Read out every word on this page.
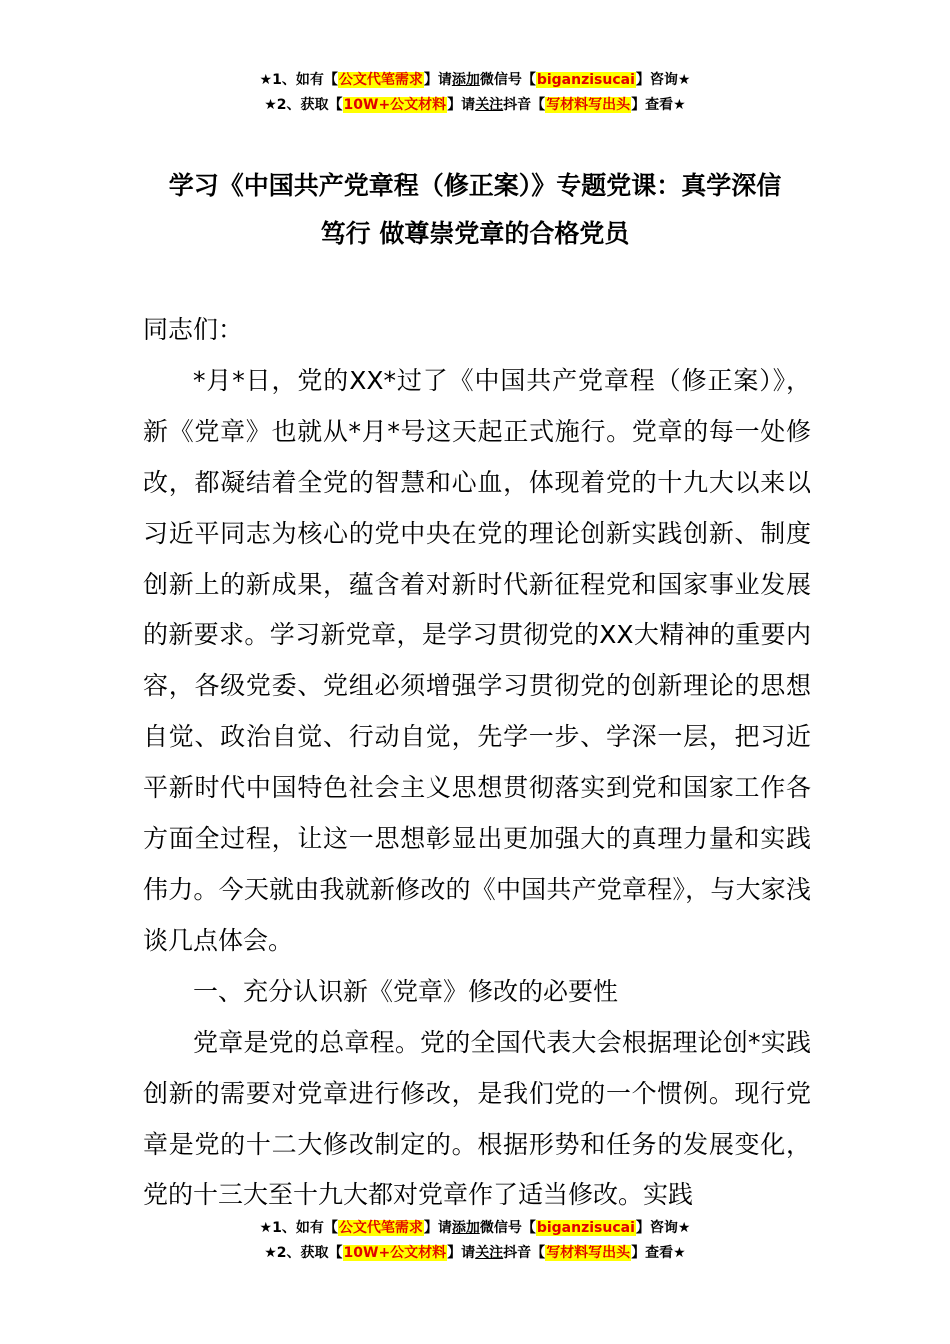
★1、如有【公文代笔需求】请添加微信号【biganzisucai】咨询★
★2、获取【10W+公文材料】请关注抖音【写材料写出头】查看★
学习《中国共产党章程（修正案）》专题党课：真学深信
笃行 做尊崇党章的合格党员

同志们：

*月*日，党的XX*过了《中国共产党章程（修正案）》，新《党章》也就从*月*号这天起正式施行。党章的每一处修改，都凝结着全党的智慧和心血，体现着党的十九大以来以习近平同志为核心的党中央在党的理论创新实践创新、制度创新上的新成果，蕴含着对新时代新征程党和国家事业发展的新要求。学习新党章，是学习贯彻党的XX大精神的重要内容，各级党委、党组必须增强学习贯彻党的创新理论的思想自觉、政治自觉、行动自觉，先学一步、学深一层，把习近平新时代中国特色社会主义思想贯彻落实到党和国家工作各方面全过程，让这一思想彰显出更加强大的真理力量和实践伟力。今天就由我就新修改的《中国共产党章程》，与大家浅谈几点体会。

一、充分认识新《党章》修改的必要性

党章是党的总章程。党的全国代表大会根据理论创*实践创新的需要对党章进行修改，是我们党的一个惯例。现行党章是党的十二大修改制定的。根据形势和任务的发展变化，党的十三大至十九大都对党章作了适当修改。实践

★1、如有【公文代笔需求】请添加微信号【biganzisucai】咨询★
★2、获取【10W+公文材料】请关注抖音【写材料写出头】查看★
